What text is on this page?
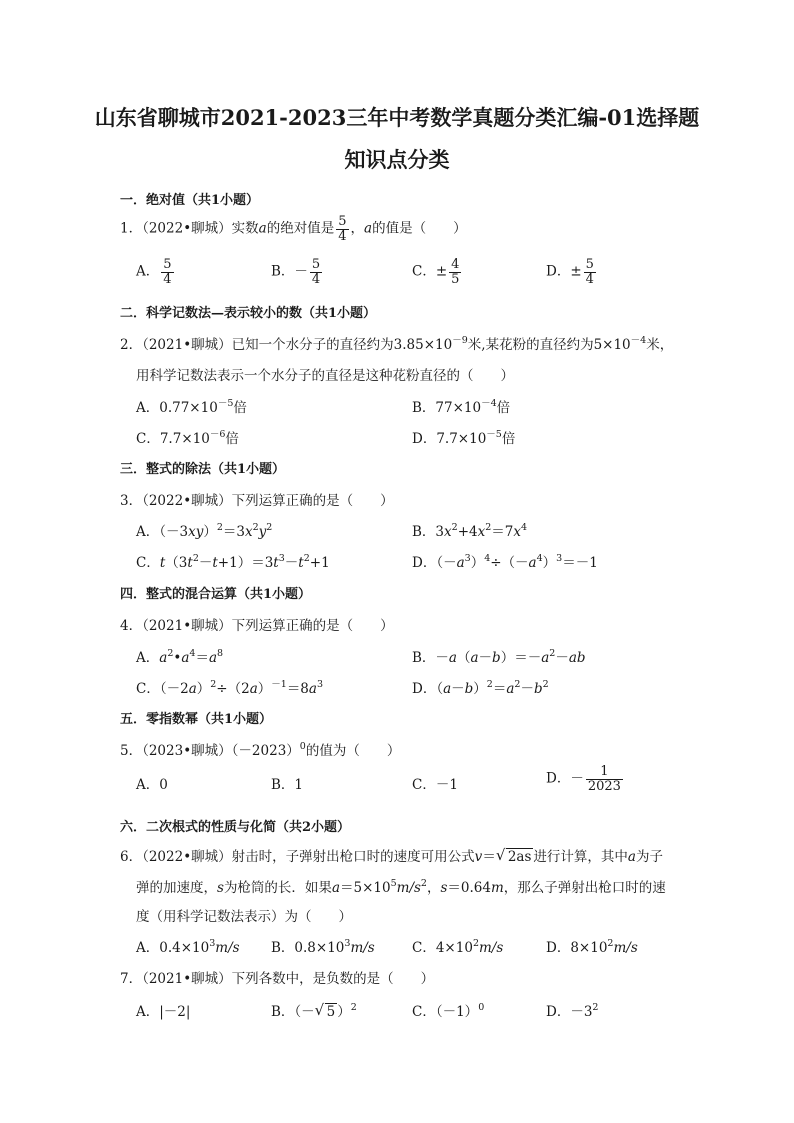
山东省聊城市2021-2023三年中考数学真题分类汇编-01选择题
知识点分类
一．绝对值（共1小题）
1．（2022•聊城）实数a的绝对值是 $\frac{5}{4}$ ，a的值是（　　）
A． $\frac{5}{4}$	B．－ $\frac{5}{4}$	C．± $\frac{4}{5}$	D．± $\frac{5}{4}$
二．科学记数法—表示较小的数（共1小题）
2．（2021•聊城）已知一个水分子的直径约为$3.85\times 10^{-9}$米,某花粉的直径约为$5\times 10^{-4}$米，
用科学记数法表示一个水分子的直径是这种花粉直径的（　　）
A．$0.77\times 10^{-5}$倍	B．$77\times 10^{-4}$倍
C．$7.7\times 10^{-6}$倍	D．$7.7\times 10^{-5}$倍
三．整式的除法（共1小题）
3．（2022•聊城）下列运算正确的是（　　）
A．$(-3xy)^2=3x^2y^2$	B．$3x^2+4x^2=7x^4$
C．$t(3t^2-t+1)=3t^3-t^2+1$	D．$(-a^3)^4\div(-a^4)^3=-1$
四．整式的混合运算（共1小题）
4．（2021•聊城）下列运算正确的是（　　）
A．$a^2•a^4=a^8$	B．$-a(a-b)=-a^2-ab$
C．$(-2a)^2\div(2a)^{-1}=8a^3$	D．$(a-b)^2=a^2-b^2$
五．零指数幂（共1小题）
5．（2023•聊城）$(-2023)^0$的值为（　　）
A．0	B．1	C．－1	D．－ $\frac{1}{2023}$
六．二次根式的性质与化简（共2小题）
6．（2022•聊城）射击时，子弹射出枪口时的速度可用公式v＝ √ 2as 进行计算，其中a为子
弹的加速度，s为枪筒的长．如果$a=5\times 10^5m/s^2$，s＝0.64m，那么子弹射出枪口时的速
度（用科学记数法表示）为（　　）
A．$0.4\times 10^3m/s$ B．$0.8\times 10^3m/s$	C．$4\times 10^2m/s$	D．$8\times 10^2m/s$
7．（2021•聊城）下列各数中，是负数的是（　　）
A．|－2|	B．（－ √ 5 ）$^2$	C．$(-1)^0$	D．$-3^2$
